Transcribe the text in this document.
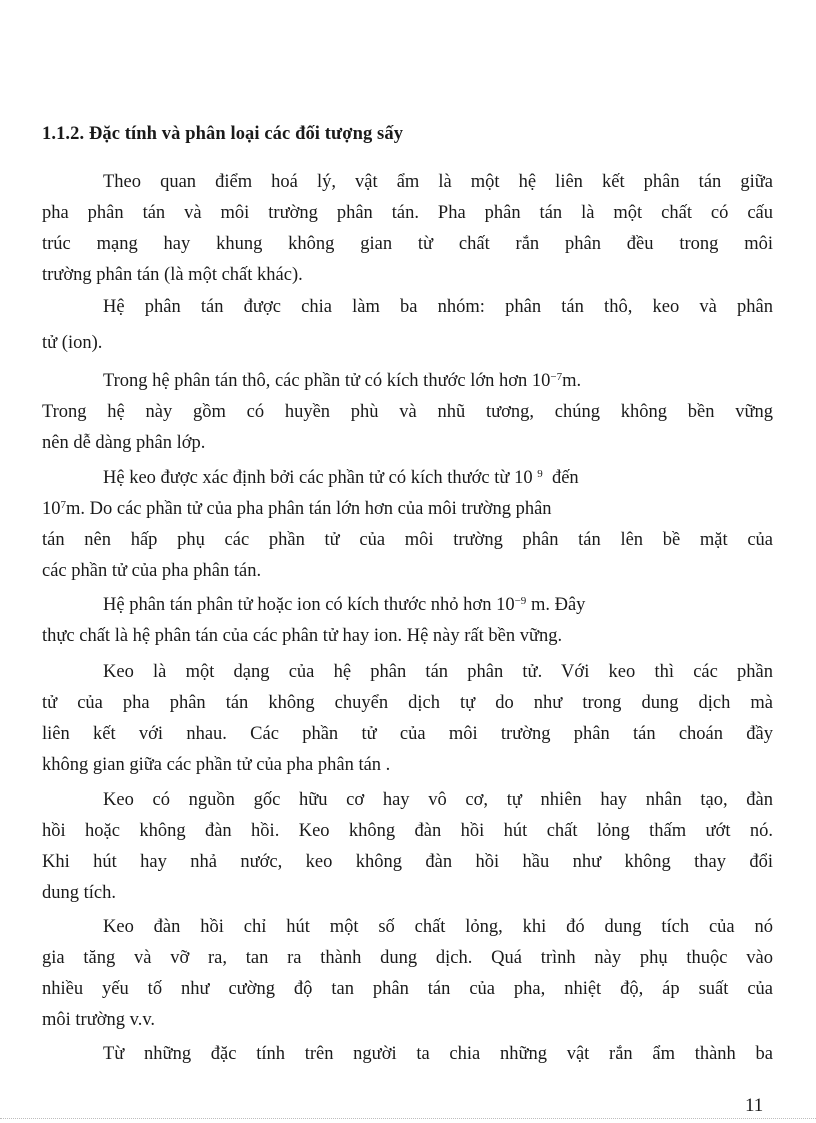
1.1.2. Đặc tính và phân loại các đối tượng sấy
Theo quan điểm hoá lý, vật ẩm là một hệ liên kết phân tán giữa
pha phân tán và môi trường phân tán. Pha phân tán là một chất có cấu
trúc mạng hay khung không gian từ chất rắn phân đều trong môi
trường phân tán (là một chất khác).
Hệ phân tán được chia làm ba nhóm: phân tán thô, keo và phân
tử (ion).
Trong hệ phân tán thô, các phần tử có kích thước lớn hơn $10^{-7}m$.
Trong hệ này gồm có huyền phù và nhũ tương, chúng không bền vững
nên dễ dàng phân lớp.
Hệ keo được xác định bởi các phần tử có kích thước từ 10 $^9$ đến
$10^7m$. Do các phần tử của pha phân tán lớn hơn của môi trường phân
tán nên hấp phụ các phần tử của môi trường phân tán lên bề mặt của
các phần tử của pha phân tán.
Hệ phân tán phân tử hoặc ion có kích thước nhỏ hơn $10^{-9}$ m. Đây
thực chất là hệ phân tán của các phân tử hay ion. Hệ này rất bền vững.
Keo là một dạng của hệ phân tán phân tử. Với keo thì các phần
tử của pha phân tán không chuyển dịch tự do như trong dung dịch mà
liên kết với nhau. Các phần tử của môi trường phân tán choán đầy
không gian giữa các phần tử của pha phân tán .
Keo có nguồn gốc hữu cơ hay vô cơ, tự nhiên hay nhân tạo, đàn
hồi hoặc không đàn hồi. Keo không đàn hồi hút chất lỏng thấm ướt nó.
Khi hút hay nhả nước, keo không đàn hồi hầu như không thay đổi
dung tích.
Keo đàn hồi chỉ hút một số chất lỏng, khi đó dung tích của nó
gia tăng và vỡ ra, tan ra thành dung dịch. Quá trình này phụ thuộc vào
nhiều yếu tố như cường độ tan phân tán của pha, nhiệt độ, áp suất của
môi trường v.v.
Từ những đặc tính trên người ta chia những vật rắn ẩm thành ba
11
